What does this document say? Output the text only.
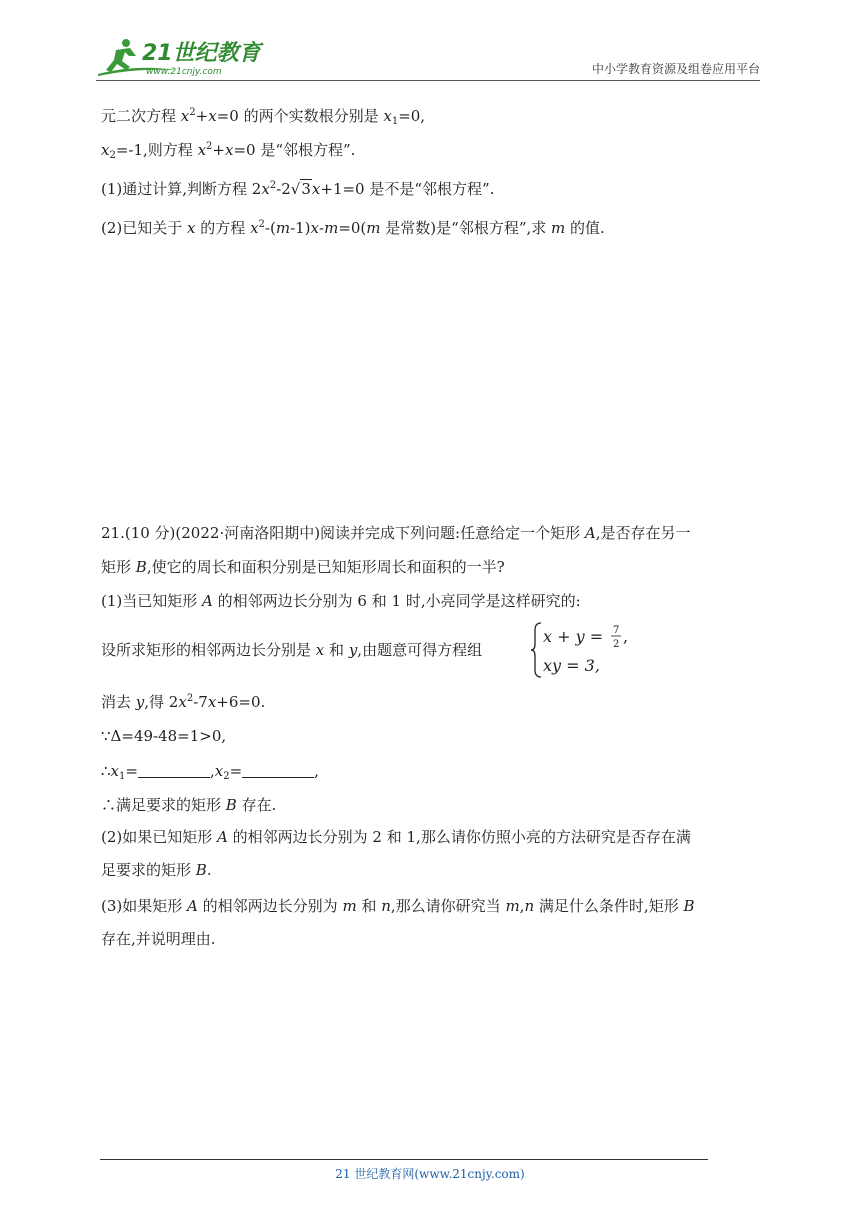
21世纪教育
www.21cnjy.com	中小学教育资源及组卷应用平台
元二次方程 $x^2+x=0$ 的两个实数根分别是 $x_1=0$,
$x_2=-1$,则方程 $x^2+x=0$ 是“邻根方程”.
(1)通过计算,判断方程 $2x^2-2√3x+1=0$ 是不是“邻根方程”.
(2)已知关于 x 的方程 $x^2-(m-1)x-m=0(m$ 是常数)是“邻根方程”,求 m 的值.
21.(10 分)(2022·河南洛阳期中)阅读并完成下列问题:任意给定一个矩形 A,是否存在另一
矩形 B,使它的周长和面积分别是已知矩形周长和面积的一半?
(1)当已知矩形 A 的相邻两边长分别为 6 和 1 时,小亮同学是这样研究的:
设所求矩形的相邻两边长分别是 x 和 y,由题意可得方程组
x + y = 7
2 ,
xy = 3,
消去 y,得 $2x^2-7x+6=0$.
∵Δ=49-48=1>0,
$\therefore x_1=$	$,x_2=$	,
∴满足要求的矩形 B 存在.
(2)如果已知矩形 A 的相邻两边长分别为 2 和 1,那么请你仿照小亮的方法研究是否存在满
足要求的矩形 B.
(3)如果矩形 A 的相邻两边长分别为 m 和 n,那么请你研究当 m,n 满足什么条件时,矩形 B
存在,并说明理由.
21 世纪教育网(www.21cnjy.com)
